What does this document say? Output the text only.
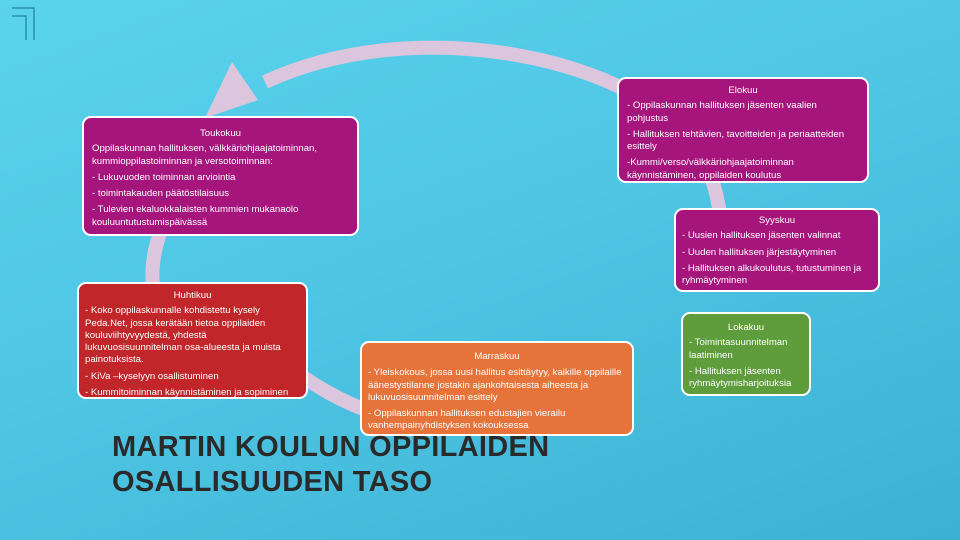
Elokuu

- Oppilaskunnan hallituksen jäsenten vaalien pohjustus

- Hallituksen tehtävien, tavoitteiden ja periaatteiden esittely

-Kummi/verso/välkkäriohjaajatoiminnan käynnistäminen, oppilaiden koulutus

Toukokuu

Oppilaskunnan hallituksen, välkkäriohjaajatoiminnan, kummioppilastoiminnan ja versotoiminnan:

- Lukuvuoden toiminnan arviointia

- toimintakauden päätöstilaisuus

- Tulevien ekaluokkalaisten kummien mukanaolo kouluuntutustumispäivässä	Syyskuu

- Uusien hallituksen jäsenten valinnat

- Uuden hallituksen järjestäytyminen

- Hallituksen alkukoulutus, tutustuminen ja ryhmäytyminen

Huhtikuu

- Koko oppilaskunnalle kohdistettu kysely Peda.Net, jossa kerätään tietoa oppilaiden kouluviihtyvyydestä, yhdestä lukuvuosisuunnitelman osa-alueesta ja muista painotuksista.

- KiVa –kyselyyn osallistuminen

- Kummitoiminnan käynnistäminen ja sopiminen

Marraskuu

- Yleiskokous, jossa uusi hallitus esittäytyy, kaikille oppilaille äänestystilanne jostakin ajankohtaisesta aiheesta ja lukuvuosisuunnitelman esittely

- Oppilaskunnan hallituksen edustajien vierailu vanhempainyhdistyksen kokouksessa

Lokakuu

- Toimintasuunnitelman laatiminen

- Hallituksen jäsenten ryhmäytymisharjoituksia

MARTIN KOULUN OPPILAIDEN
OSALLISUUDEN TASO
